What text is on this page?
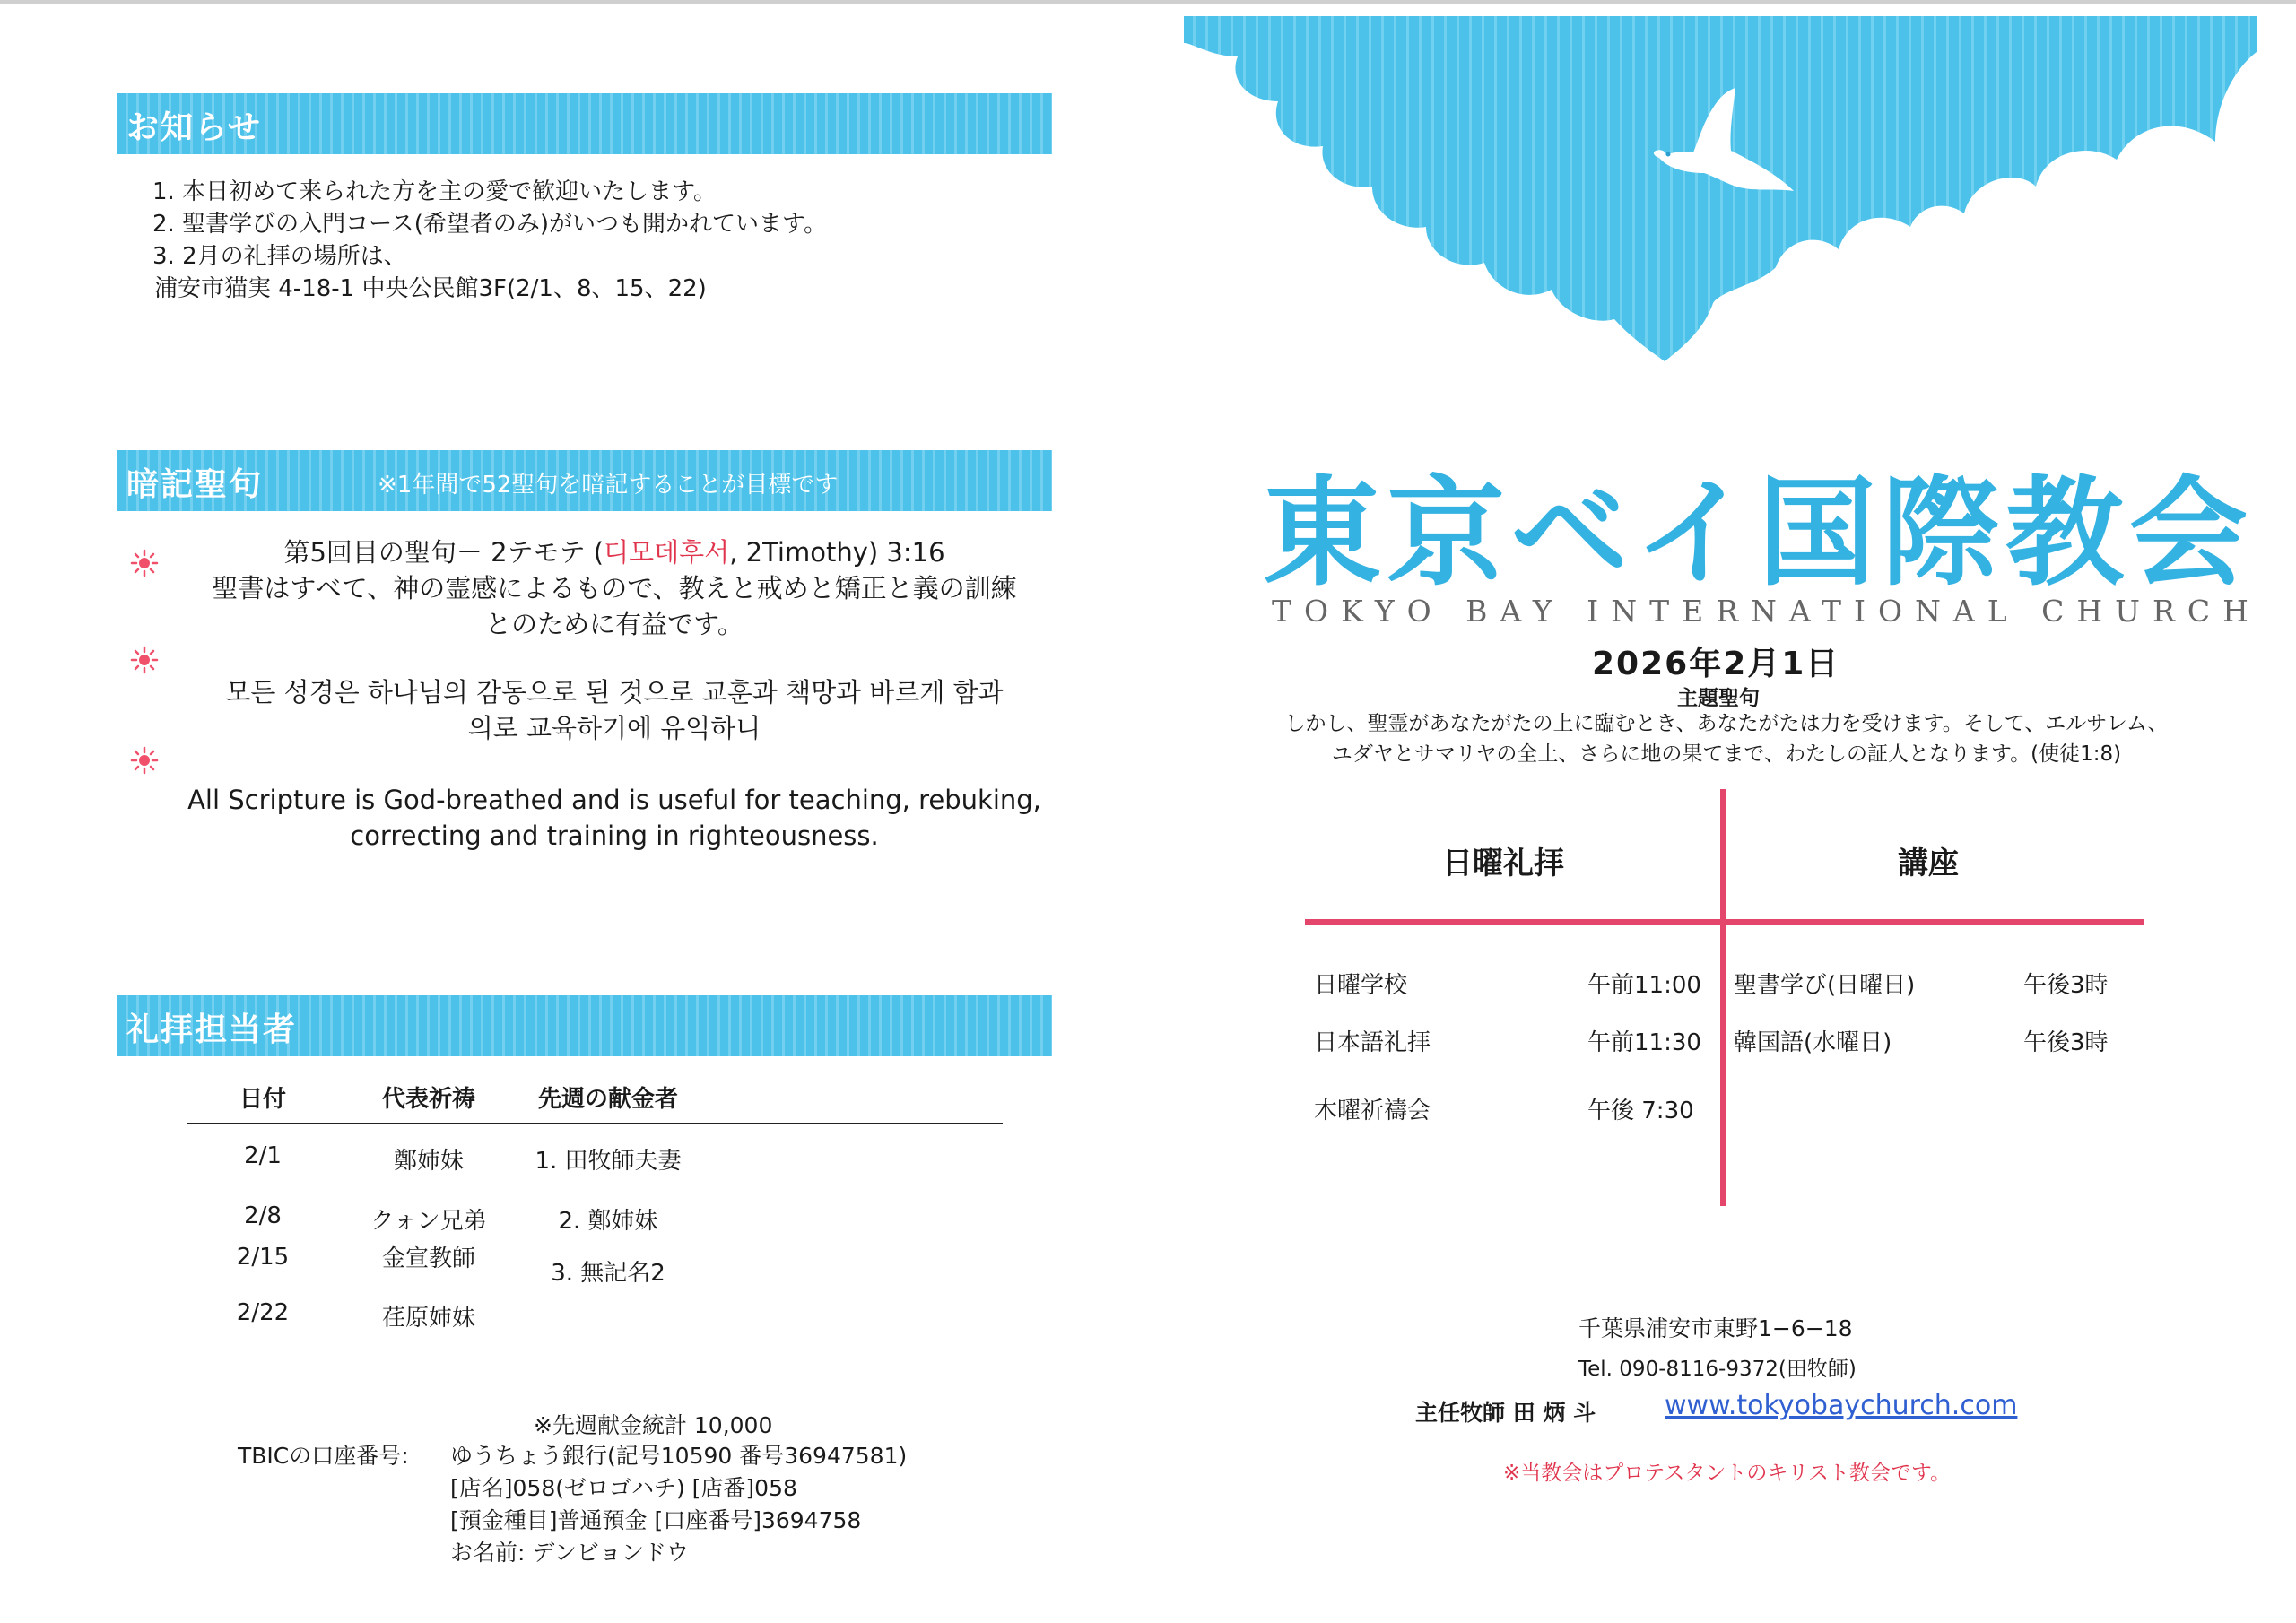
お知らせ
1. 本日初めて来られた方を主の愛で歓迎いたします。
2. 聖書学びの入門コース(希望者のみ)がいつも開かれています。
3. 2月の礼拝の場所は、
浦安市猫実 4-18-1 中央公民館3F(2/1、8、15、22)
暗記聖句	※1年間で52聖句を暗記することが目標です
第5回目の聖句－ 2テモテ (디모데후서, 2Timothy) 3:16
聖書はすべて、神の霊感によるもので、教えと戒めと矯正と義の訓練
とのために有益です。
모든 성경은 하나님의 감동으로 된 것으로 교훈과 책망과 바르게 함과
의로 교육하기에 유익하니
All Scripture is God-breathed and is useful for teaching, rebuking,
correcting and training in righteousness.
礼拝担当者
日付	代表祈祷	先週の献金者	
2/1	鄭姉妹	1. 田牧師夫妻	
2/8	クォン兄弟	2. 鄭姉妹	
2/15	金宣教師	3. 無記名2	
2/22	荏原姉妹		
※先週献金統計 10,000
TBICの口座番号: ゆうちょう銀行(記号10590 番号36947581)
[店名]058(ゼロゴハチ) [店番]058
[預金種目]普通預金 [口座番号]3694758
お名前: デンビョンドウ
東京ベイ国際教会
TOKYO BAY INTERNATIONAL CHURCH
2026年2月1日
主題聖句
しかし、聖霊があなたがたの上に臨むとき、あなたがたは力を受けます。そして、エルサレム、
ユダヤとサマリヤの全土、さらに地の果てまで、わたしの証人となります。(使徒1:8)
日曜礼拝	講座
日曜学校	午前11:00
日本語礼拝	午前11:30
木曜祈禱会	午後 7:30
聖書学び(日曜日)	午後3時
韓国語(水曜日)	午後3時
千葉県浦安市東野1−6−18
Tel. 090-8116-9372(田牧師)
主任牧師 田 炳 斗	www.tokyobaychurch.com
※当教会はプロテスタントのキリスト教会です。
